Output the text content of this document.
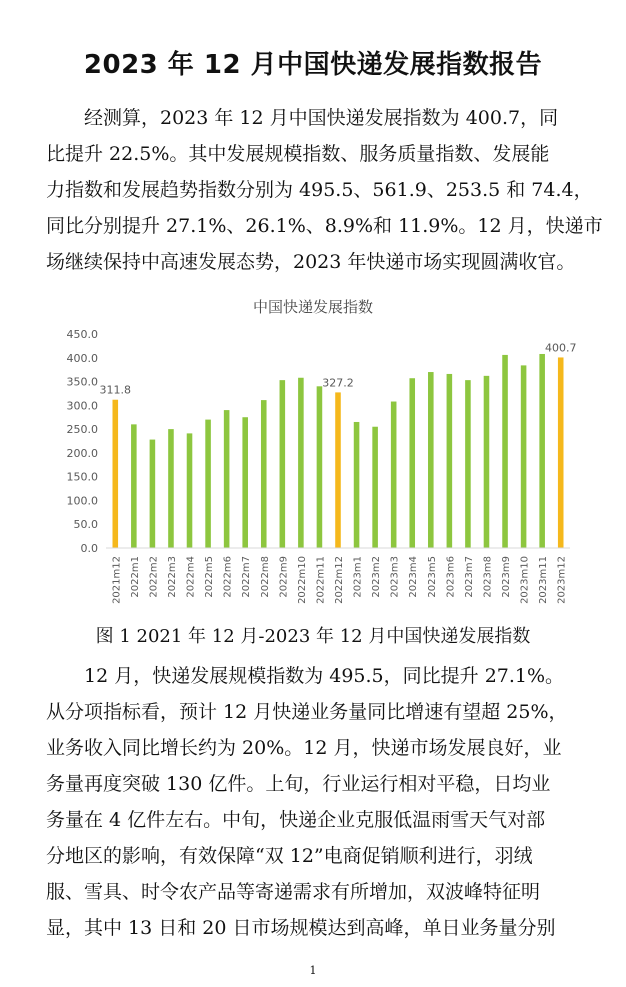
2023 年 12 月中国快递发展指数报告
　　经测算，2023 年 12 月中国快递发展指数为 400.7，同
比提升 22.5%。其中发展规模指数、服务质量指数、发展能
力指数和发展趋势指数分别为 495.5、561.9、253.5 和 74.4，
同比分别提升 27.1%、26.1%、8.9%和 11.9%。12 月，快递市
场继续保持中高速发展态势，2023 年快递市场实现圆满收官。
中国快递发展指数
0.0
50.0
100.0
150.0
200.0
250.0
300.0
350.0
400.0
450.0
311.8
327.2
400.7
2021m12 2022m1 2022m2 2022m3 2022m4 2022m5 2022m6 2022m7 2022m8 2022m9 2022m10 2022m11 2022m12 2023m1 2023m2 2023m3 2023m4 2023m5 2023m6 2023m7 2023m8 2023m9 2023m10 2023m11 2023m12
图 1 2021 年 12 月-2023 年 12 月中国快递发展指数
　　12 月，快递发展规模指数为 495.5，同比提升 27.1%。
从分项指标看，预计 12 月快递业务量同比增速有望超 25%，
业务收入同比增长约为 20%。12 月，快递市场发展良好，业
务量再度突破 130 亿件。上旬，行业运行相对平稳，日均业
务量在 4 亿件左右。中旬，快递企业克服低温雨雪天气对部
分地区的影响，有效保障“双 12”电商促销顺利进行，羽绒
服、雪具、时令农产品等寄递需求有所增加，双波峰特征明
显，其中 13 日和 20 日市场规模达到高峰，单日业务量分别
1
